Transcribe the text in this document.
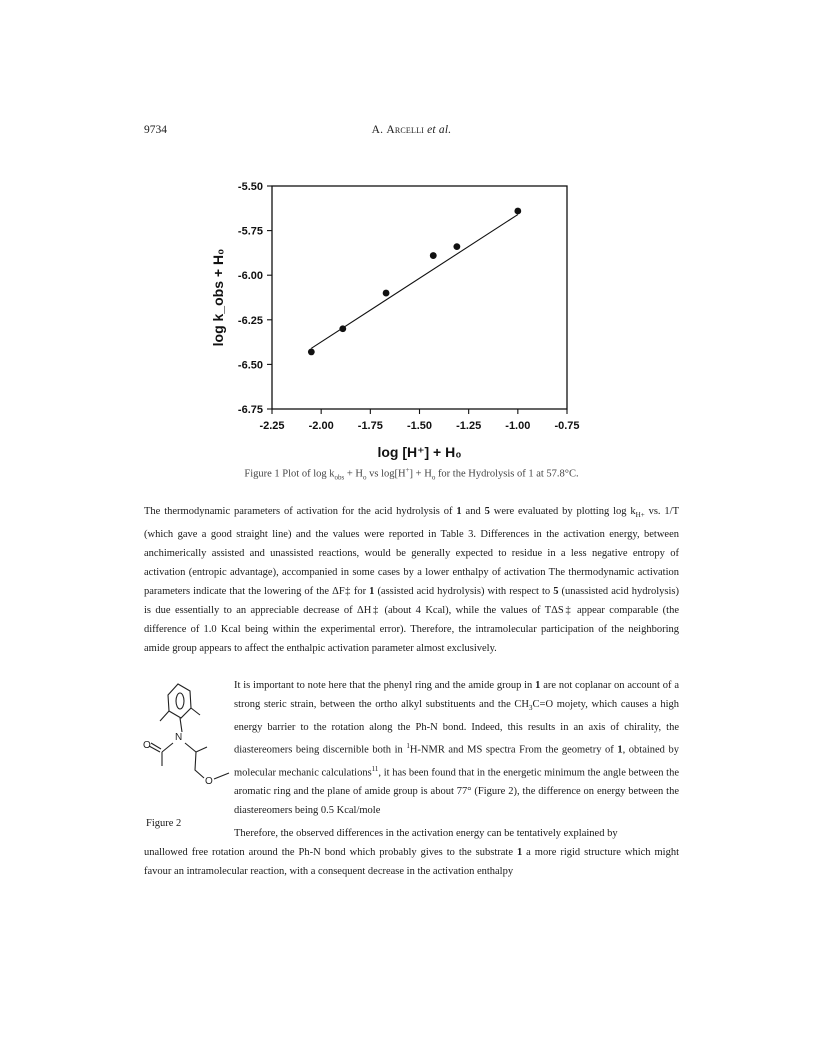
9734	A. Arcelli et al.
-2.25 -2.00 -1.75 -1.50 -1.25 -1.00 -0.75
-5.50
-5.75
-6.00
-6.25
-6.50
-6.75
log [H⁺] + H₀
log k_obs + H₀
Figure 1 Plot of $\log k_{obs} + H_o$ vs $\log[H^+] + H_o$ for the Hydrolysis of 1 at 57.8°C.
The thermodynamic parameters of activation for the acid hydrolysis of 1 and 5 were evaluated by plotting $\log k_{H+}$ vs. 1/T (which gave a good straight line) and the values were reported in Table 3. Differences in the activation energy, between anchimerically assisted and unassisted reactions, would be generally expected to residue in a less negative entropy of activation (entropic advantage), accompanied in some cases by a lower enthalpy of activation The thermodynamic activation parameters indicate that the lowering of the ΔF‡ for 1 (assisted acid hydrolysis) with respect to 5 (unassisted acid hydrolysis) is due essentially to an appreciable decrease of ΔH‡ (about 4 Kcal), while the values of TΔS‡ appear comparable (the difference of 1.0 Kcal being within the experimental error). Therefore, the intramolecular participation of the neighboring amide group appears to affect the enthalpic activation parameter almost exclusively.
N
O
O
It is important to note here that the phenyl ring and the amide group in 1 are not coplanar on account of a strong steric strain, between the ortho alkyl substituents and the $CH_3C=O$ mojety, which causes a high energy barrier to the rotation along the Ph-N bond. Indeed, this results in an axis of chirality, the diastereomers being discernible both in $^1$H-NMR and MS spectra From the geometry of 1, obtained by molecular mechanic calculations$^{11}$, it has been found that in the energetic minimum the angle between the aromatic ring and the plane of amide group is about 77° (Figure 2), the difference on energy between the diastereomers being 0.5 Kcal/mole
Figure 2
Therefore, the observed differences in the activation energy can be tentatively explained by
unallowed free rotation around the Ph-N bond which probably gives to the substrate 1 a more rigid structure which might favour an intramolecular reaction, with a consequent decrease in the activation enthalpy
